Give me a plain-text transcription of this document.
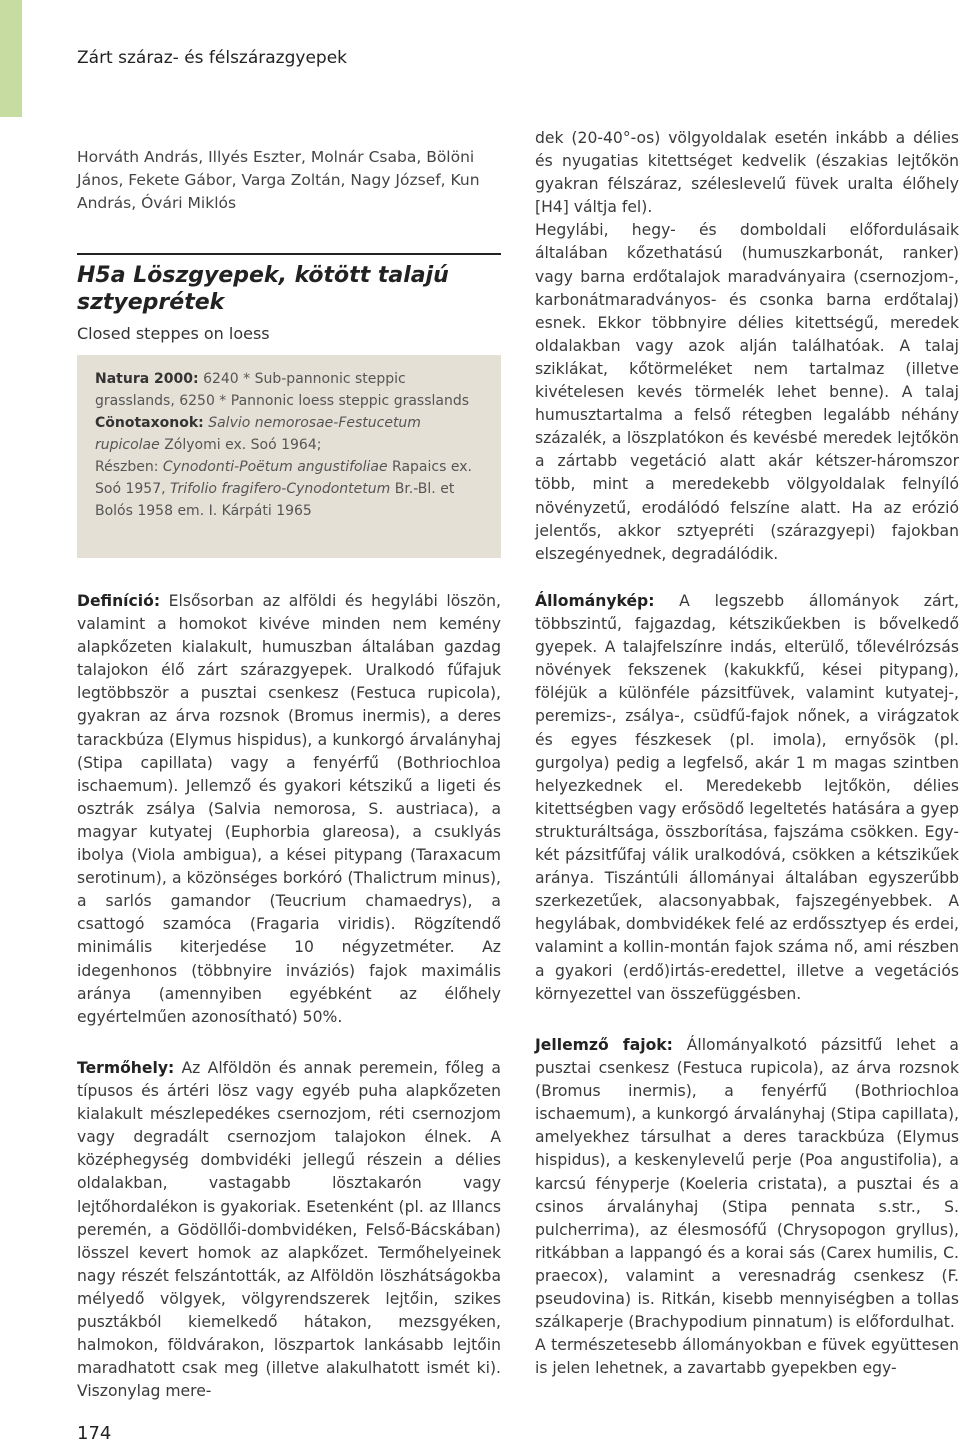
Zárt száraz- és félszárazgyepek
Horváth András, Illyés Eszter, Molnár Csaba, Bölöni János, Fekete Gábor, Varga Zoltán, Nagy József, Kun András, Óvári Miklós
H5a Löszgyepek, kötött talajú sztyeprétek
Closed steppes on loess
Natura 2000: 6240 * Sub-pannonic steppic grasslands, 6250 * Pannonic loess steppic grasslands
Cönotaxonok: Salvio nemorosae-Festucetum rupicolae Zólyomi ex. Soó 1964;
Részben: Cynodonti-Poëtum angustifoliae Rapaics ex. Soó 1957, Trifolio fragifero-Cynodontetum Br.-Bl. et Bolós 1958 em. I. Kárpáti 1965

Definíció: Elsősorban az alföldi és hegylábi löszön, valamint a homokot kivéve minden nem kemény alapkőzeten kialakult, humuszban általában gazdag talajokon élő zárt szárazgyepek. Uralkodó fűfajuk legtöbbször a pusztai csenkesz (Festuca rupicola), gyakran az árva rozsnok (Bromus inermis), a deres tarackbúza (Elymus hispidus), a kunkorgó árvalányhaj (Stipa capillata) vagy a fenyérfű (Bothriochloa ischaemum). Jellemző és gyakori kétszikű a ligeti és osztrák zsálya (Salvia nemorosa, S. austriaca), a magyar kutyatej (Euphorbia glareosa), a csuklyás ibolya (Viola ambigua), a kései pitypang (Taraxacum serotinum), a közönséges borkóró (Thalictrum minus), a sarlós gamandor (Teucrium chamaedrys), a csattogó szamóca (Fragaria viridis). Rögzítendő minimális kiterjedése 10 négyzetméter. Az idegenhonos (többnyire inváziós) fajok maximális aránya (amennyiben egyébként az élőhely egyértelműen azonosítható) 50%.

Termőhely: Az Alföldön és annak peremein, főleg a típusos és ártéri lösz vagy egyéb puha alapkőzeten kialakult mészlepedékes csernozjom, réti csernozjom vagy degradált csernozjom talajokon élnek. A középhegység dombvidéki jellegű részein a délies oldalakban, vastagabb lösztakarón vagy lejtőhordalékon is gyakoriak. Esetenként (pl. az Illancs peremén, a Gödöllői-dombvidéken, Felső-Bácskában) lösszel kevert homok az alapkőzet. Termőhelyeinek nagy részét felszántották, az Alföldön löszhátságokba mélyedő völgyek, völgyrendszerek lejtőin, szikes pusztákból kiemelkedő hátakon, mezsgyéken, halmokon, földvárakon, löszpartok lankásabb lejtőin maradhatott csak meg (illetve alakulhatott ismét ki). Viszonylag mere-

dek (20-40°-os) völgyoldalak esetén inkább a délies és nyugatias kitettséget kedvelik (északias lejtőkön gyakran félszáraz, széleslevelű füvek uralta élőhely [H4] váltja fel).

Hegylábi, hegy- és domboldali előfordulásaik általában kőzethatású (humuszkarbonát, ranker) vagy barna erdőtalajok maradványaira (csernozjom-, karbonátmaradványos- és csonka barna erdőtalaj) esnek. Ekkor többnyire délies kitettségű, meredek oldalakban vagy azok alján találhatóak. A talaj sziklákat, kőtörmeléket nem tartalmaz (illetve kivételesen kevés törmelék lehet benne). A talaj humusztartalma a felső rétegben legalább néhány százalék, a löszplatókon és kevésbé meredek lejtőkön a zártabb vegetáció alatt akár kétszer-háromszor több, mint a meredekebb völgyoldalak felnyíló növényzetű, erodálódó felszíne alatt. Ha az erózió jelentős, akkor sztyepréti (szárazgyepi) fajokban elszegényednek, degradálódik.

Állománykép: A legszebb állományok zárt, többszintű, fajgazdag, kétszikűekben is bővelkedő gyepek. A talajfelszínre indás, elterülő, tőlevélrózsás növények fekszenek (kakukkfű, kései pitypang), föléjük a különféle pázsitfüvek, valamint kutyatej-, peremizs-, zsálya-, csüdfű-fajok nőnek, a virágzatok és egyes fészkesek (pl. imola), ernyősök (pl. gurgolya) pedig a legfelső, akár 1 m magas szintben helyezkednek el. Meredekebb lejtőkön, délies kitettségben vagy erősödő legeltetés hatására a gyep strukturáltsága, összborítása, fajszáma csökken. Egy-két pázsitfűfaj válik uralkodóvá, csökken a kétszikűek aránya. Tiszántúli állományai általában egyszerűbb szerkezetűek, alacsonyabbak, fajszegényebbek. A hegylábak, dombvidékek felé az erdőssztyep és erdei, valamint a kollin-montán fajok száma nő, ami részben a gyakori (erdő)irtás-eredettel, illetve a vegetációs környezettel van összefüggésben.

Jellemző fajok: Állományalkotó pázsitfű lehet a pusztai csenkesz (Festuca rupicola), az árva rozsnok (Bromus inermis), a fenyérfű (Bothriochloa ischaemum), a kunkorgó árvalányhaj (Stipa capillata), amelyekhez társulhat a deres tarackbúza (Elymus hispidus), a keskenylevelű perje (Poa angustifolia), a karcsú fényperje (Koeleria cristata), a pusztai és a csinos árvalányhaj (Stipa pennata s.str., S. pulcherrima), az élesmosófű (Chrysopogon gryllus), ritkábban a lappangó és a korai sás (Carex humilis, C. praecox), valamint a veresnadrág csenkesz (F. pseudovina) is. Ritkán, kisebb mennyiségben a tollas szálkaperje (Brachypodium pinnatum) is előfordulhat.

A természetesebb állományokban e füvek együttesen is jelen lehetnek, a zavartabb gyepekben egy-

174
